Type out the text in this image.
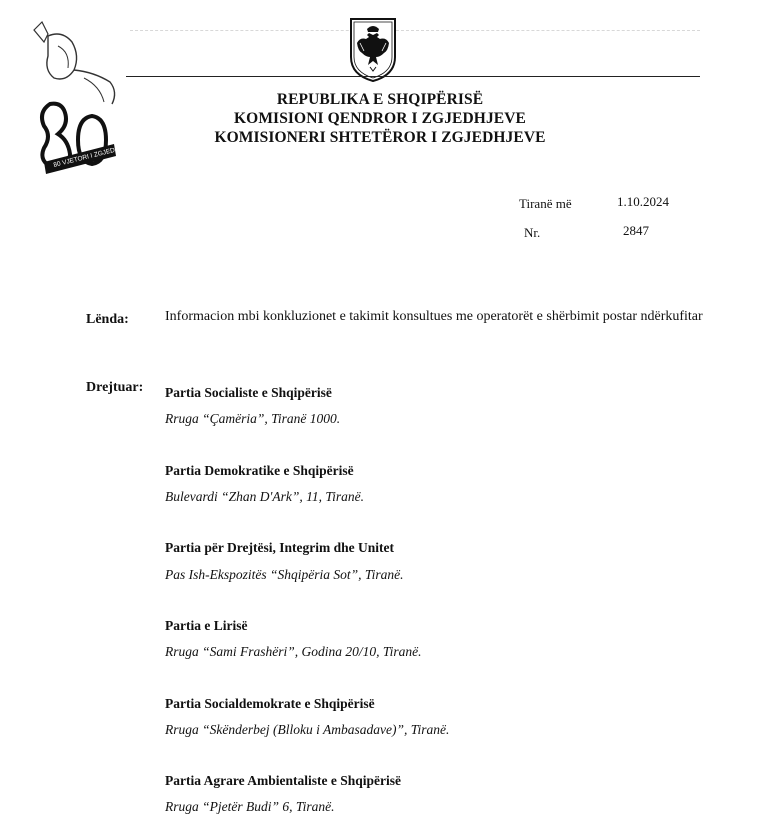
80 VJETORI I ZGJEDHJEVE
REPUBLIKA E SHQIPËRISË
KOMISIONI QENDROR I ZGJEDHJEVE
KOMISIONERI SHTETËROR I ZGJEDHJEVE
Tiranë më	1.10.2024
Nr.	2847
Lënda:	Informacion mbi konkluzionet e takimit konsultues me operatorët e shërbimit postar ndërkufitar
Drejtuar: Partia Socialiste e Shqipërisë
Rruga “Çamëria”, Tiranë 1000.
Partia Demokratike e Shqipërisë
Bulevardi “Zhan D'Ark”, 11, Tiranë.
Partia për Drejtësi, Integrim dhe Unitet
Pas Ish-Ekspozitës “Shqipëria Sot”, Tiranë.
Partia e Lirisë
Rruga “Sami Frashëri”, Godina 20/10, Tiranë.
Partia Socialdemokrate e Shqipërisë
Rruga “Skënderbej (Blloku i Ambasadave)”, Tiranë.
Partia Agrare Ambientaliste e Shqipërisë
Rruga “Pjetër Budi” 6, Tiranë.
